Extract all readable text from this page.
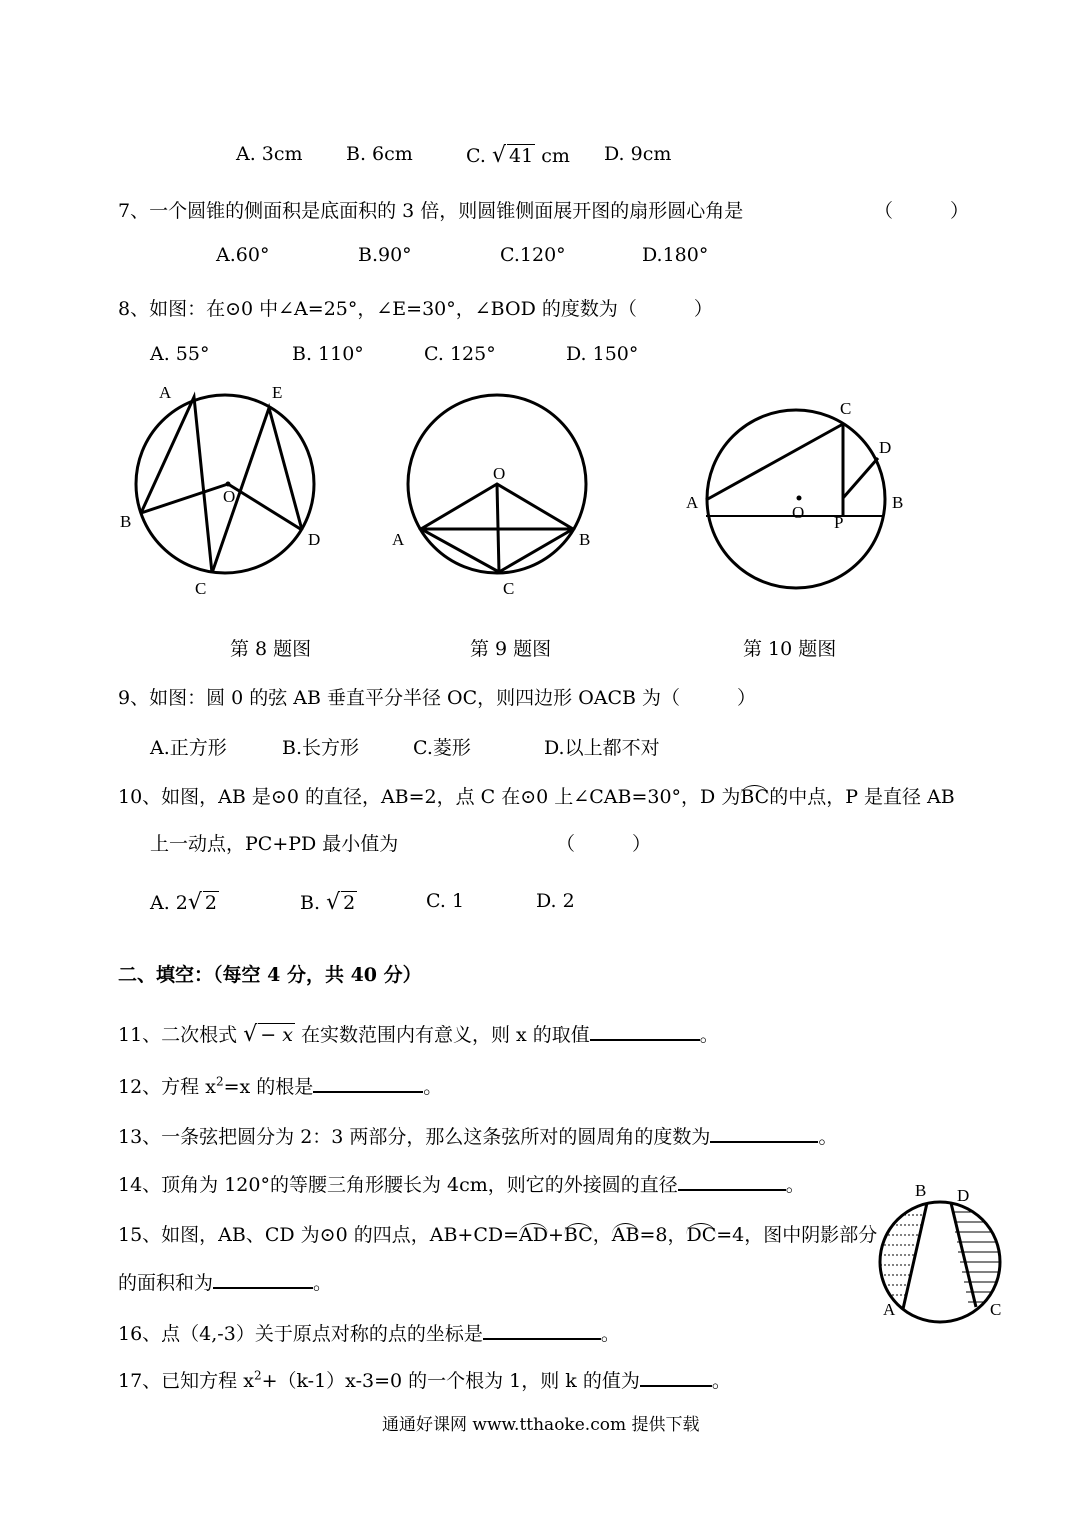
A. 3cm B. 6cm	C. √ 41 cm D. 9cm
7、一个圆锥的侧面积是底面积的 3 倍，则圆锥侧面展开图的扇形圆心角是	（　　　）
A.60°	B.90°	C.120°	D.180°
8、如图：在⊙0 中∠A=25°，∠E=30°，∠BOD 的度数为（　　　）
A. 55°	B. 110°	C. 125°	D. 150°
A	E
O
B
D
C
O
A	B
C
C
D
A
O
B
P
第 8 题图	第 9 题图	第 10 题图
9、如图：圆 0 的弦 AB 垂直平分半径 OC，则四边形 OACB 为（　　　）
A.正方形	B.长方形	C.菱形	D.以上都不对
10、如图，AB 是⊙0 的直径，AB=2，点 C 在⊙0 上∠CAB=30°，D 为BC的中点，P 是直径 AB
上一动点，PC+PD 最小值为	（　　　）
A. 2√ 2	B. √ 2	C. 1	D. 2
二、填空：（每空 4 分，共 40 分）
11、二次根式 √ − x 在实数范围内有意义，则 x 的取值	。
12、方程 $x^2=x$ 的根是	。
13、一条弦把圆分为 2：3 两部分，那么这条弦所对的圆周角的度数为	。
14、顶角为 120°的等腰三角形腰长为 4cm，则它的外接圆的直径	。
15、如图，AB、CD 为⊙0 的四点，AB+CD=AD+BC，AB=8，DC=4，图中阴影部分
的面积和为	。
B D
A	C
16、点（4,-3）关于原点对称的点的坐标是	。
17、已知方程 $x^2+(k-1)x-3=0$ 的一个根为 1，则 k 的值为	。
通通好课网 www.tthaoke.com 提供下载
